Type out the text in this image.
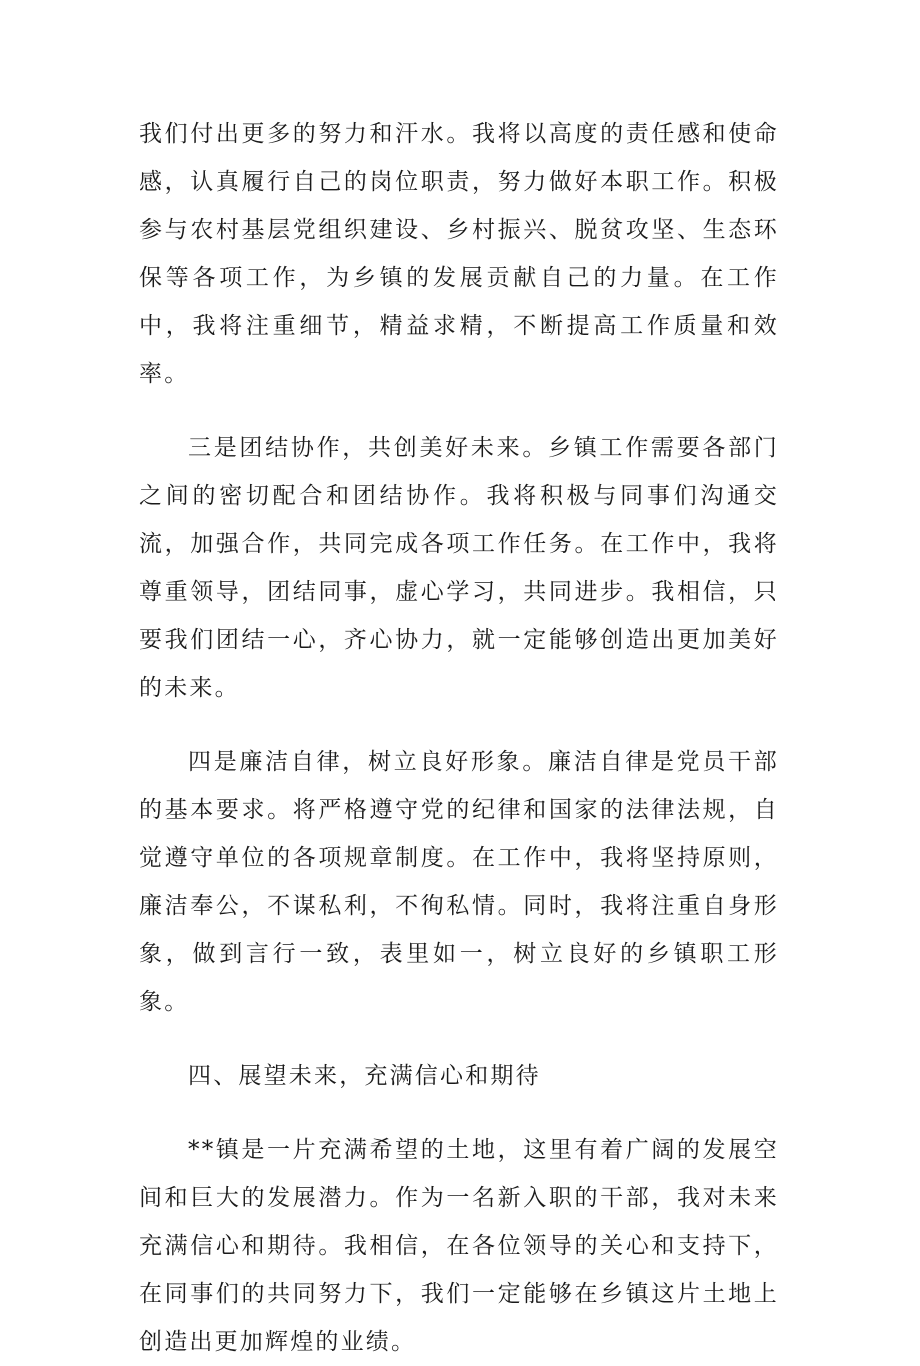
我们付出更多的努力和汗水。我将以高度的责任感和使命感，认真履行自己的岗位职责，努力做好本职工作。积极参与农村基层党组织建设、乡村振兴、脱贫攻坚、生态环保等各项工作，为乡镇的发展贡献自己的力量。在工作中，我将注重细节，精益求精，不断提高工作质量和效率。

三是团结协作，共创美好未来。乡镇工作需要各部门之间的密切配合和团结协作。我将积极与同事们沟通交流，加强合作，共同完成各项工作任务。在工作中，我将尊重领导，团结同事，虚心学习，共同进步。我相信，只要我们团结一心，齐心协力，就一定能够创造出更加美好的未来。

四是廉洁自律，树立良好形象。廉洁自律是党员干部的基本要求。将严格遵守党的纪律和国家的法律法规，自觉遵守单位的各项规章制度。在工作中，我将坚持原则，廉洁奉公，不谋私利，不徇私情。同时，我将注重自身形象，做到言行一致，表里如一，树立良好的乡镇职工形象。

四、展望未来，充满信心和期待

**镇是一片充满希望的土地，这里有着广阔的发展空间和巨大的发展潜力。作为一名新入职的干部，我对未来充满信心和期待。我相信，在各位领导的关心和支持下，在同事们的共同努力下，我们一定能够在乡镇这片土地上创造出更加辉煌的业绩。
